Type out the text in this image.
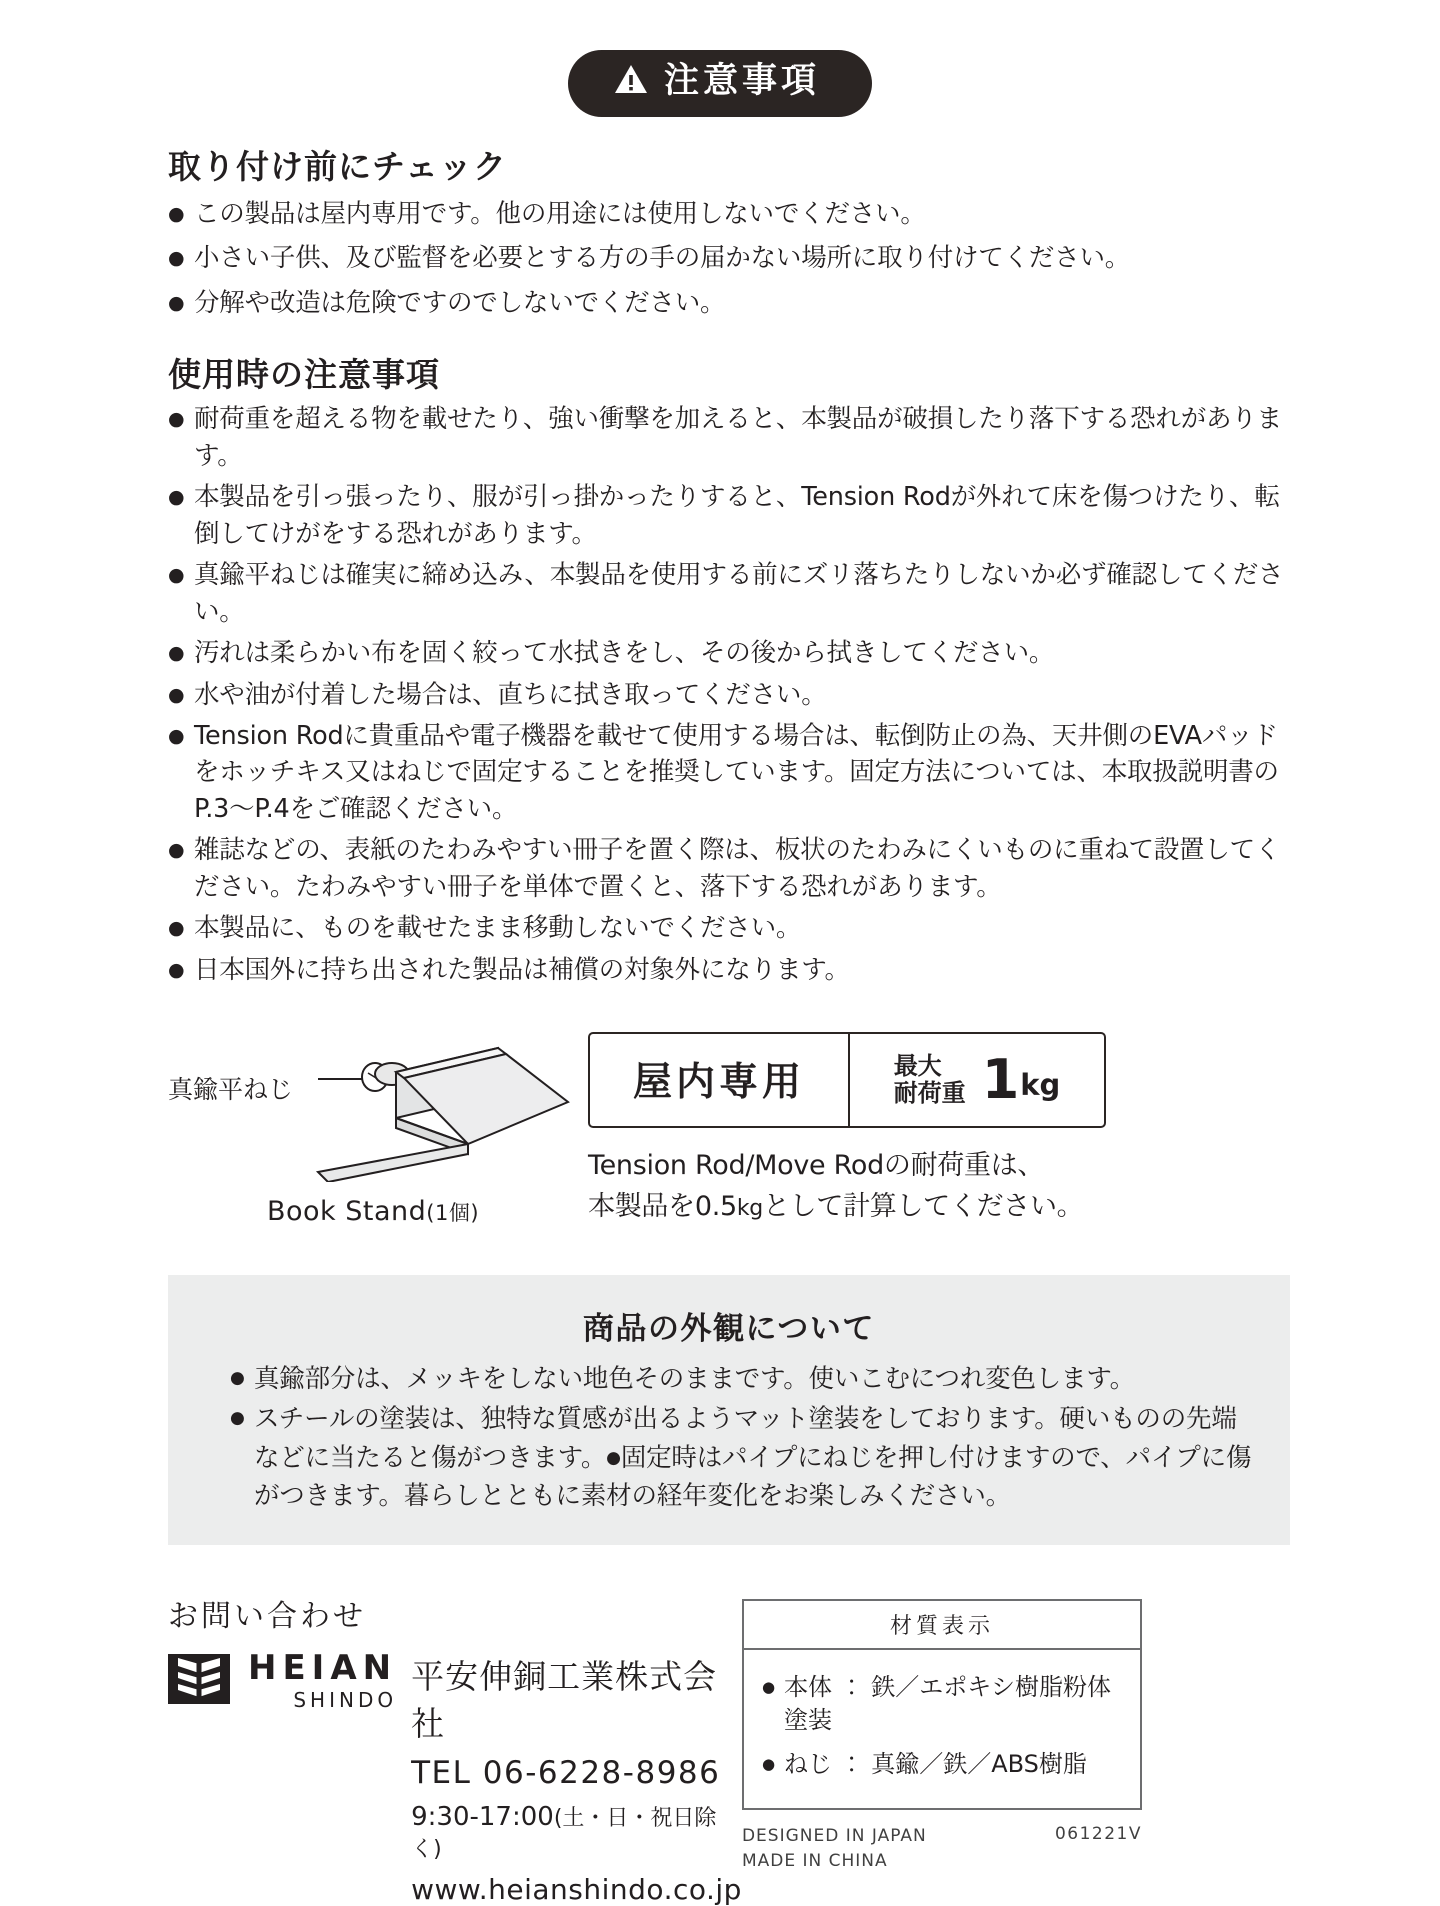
注意事項
取り付け前にチェック
● この製品は屋内専用です。他の用途には使用しないでください。
● 小さい子供、及び監督を必要とする方の手の届かない場所に取り付けてください。
● 分解や改造は危険ですのでしないでください。
使用時の注意事項
● 耐荷重を超える物を載せたり、強い衝撃を加えると、本製品が破損したり落下する恐れがあります。
● 本製品を引っ張ったり、服が引っ掛かったりすると、Tension Rodが外れて床を傷つけたり、転倒してけがをする恐れがあります。
● 真鍮平ねじは確実に締め込み、本製品を使用する前にズリ落ちたりしないか必ず確認してください。
● 汚れは柔らかい布を固く絞って水拭きをし、その後から拭きしてください。
● 水や油が付着した場合は、直ちに拭き取ってください。
● Tension Rodに貴重品や電子機器を載せて使用する場合は、転倒防止の為、天井側のEVAパッドをホッチキス又はねじで固定することを推奨しています。固定方法については、本取扱説明書のP.3〜P.4をご確認ください。
● 雑誌などの、表紙のたわみやすい冊子を置く際は、板状のたわみにくいものに重ねて設置してください。たわみやすい冊子を単体で置くと、落下する恐れがあります。
● 本製品に、ものを載せたまま移動しないでください。
● 日本国外に持ち出された製品は補償の対象外になります。
真鍮平ねじ
Book Stand(1個)
屋内専用	最大
耐荷重 1 kg
Tension Rod/Move Rodの耐荷重は、
本製品を0.5kgとして計算してください。
商品の外観について
● 真鍮部分は、メッキをしない地色そのままです。使いこむにつれ変色します。
● スチールの塗装は、独特な質感が出るようマット塗装をしております。硬いものの先端などに当たると傷がつきます。●固定時はパイプにねじを押し付けますので、パイプに傷がつきます。暮らしとともに素材の経年変化をお楽しみください。
お問い合わせ
HEIAN
SHINDO
平安伸銅工業株式会社
TEL 06-6228-8986
9:30-17:00(土・日・祝日除く)
www.heianshindo.co.jp
材質表示
● 本体 ： 鉄／エポキシ樹脂粉体塗装
● ねじ ： 真鍮／鉄／ABS樹脂
DESIGNED IN JAPAN
MADE IN CHINA
061221V
